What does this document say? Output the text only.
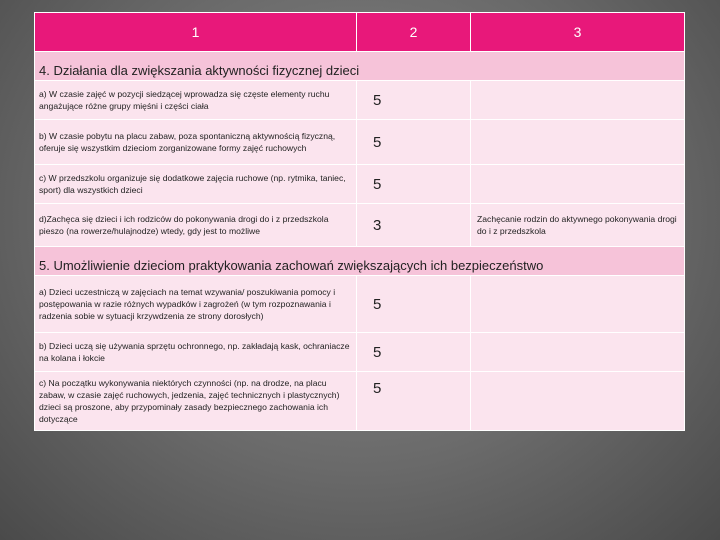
1	2	3
4. Działania dla zwiększania aktywności fizycznej dzieci		
a) W czasie zajęć w pozycji siedzącej wprowadza się częste elementy ruchu angażujące różne grupy mięśni i części ciała	5	
b) W czasie pobytu na placu zabaw, poza spontaniczną aktywnością fizyczną, oferuje się wszystkim dzieciom zorganizowane formy zajęć ruchowych	5	
c) W przedszkolu organizuje się dodatkowe zajęcia ruchowe (np. rytmika, taniec, sport) dla wszystkich dzieci	5	
d)Zachęca się dzieci i ich rodziców do pokonywania drogi do i z przedszkola pieszo (na rowerze/hulajnodze) wtedy, gdy jest to możliwe	3	Zachęcanie rodzin do aktywnego pokonywania drogi do i z przedszkola
5. Umożliwienie dzieciom praktykowania zachowań zwiększających ich bezpieczeństwo		
a) Dzieci uczestniczą w zajęciach na temat wzywania/ poszukiwania pomocy i postępowania w razie różnych wypadków i zagrożeń (w tym rozpoznawania i radzenia sobie w sytuacji krzywdzenia ze strony dorosłych)	5	
b) Dzieci uczą się używania sprzętu ochronnego, np. zakładają kask, ochraniacze na kolana i łokcie	5	
c) Na początku wykonywania niektórych czynności (np. na drodze, na placu zabaw, w czasie zajęć ruchowych, jedzenia, zajęć technicznych i plastycznych) dzieci są proszone, aby przypominały zasady bezpiecznego zachowania ich dotyczące	5	
